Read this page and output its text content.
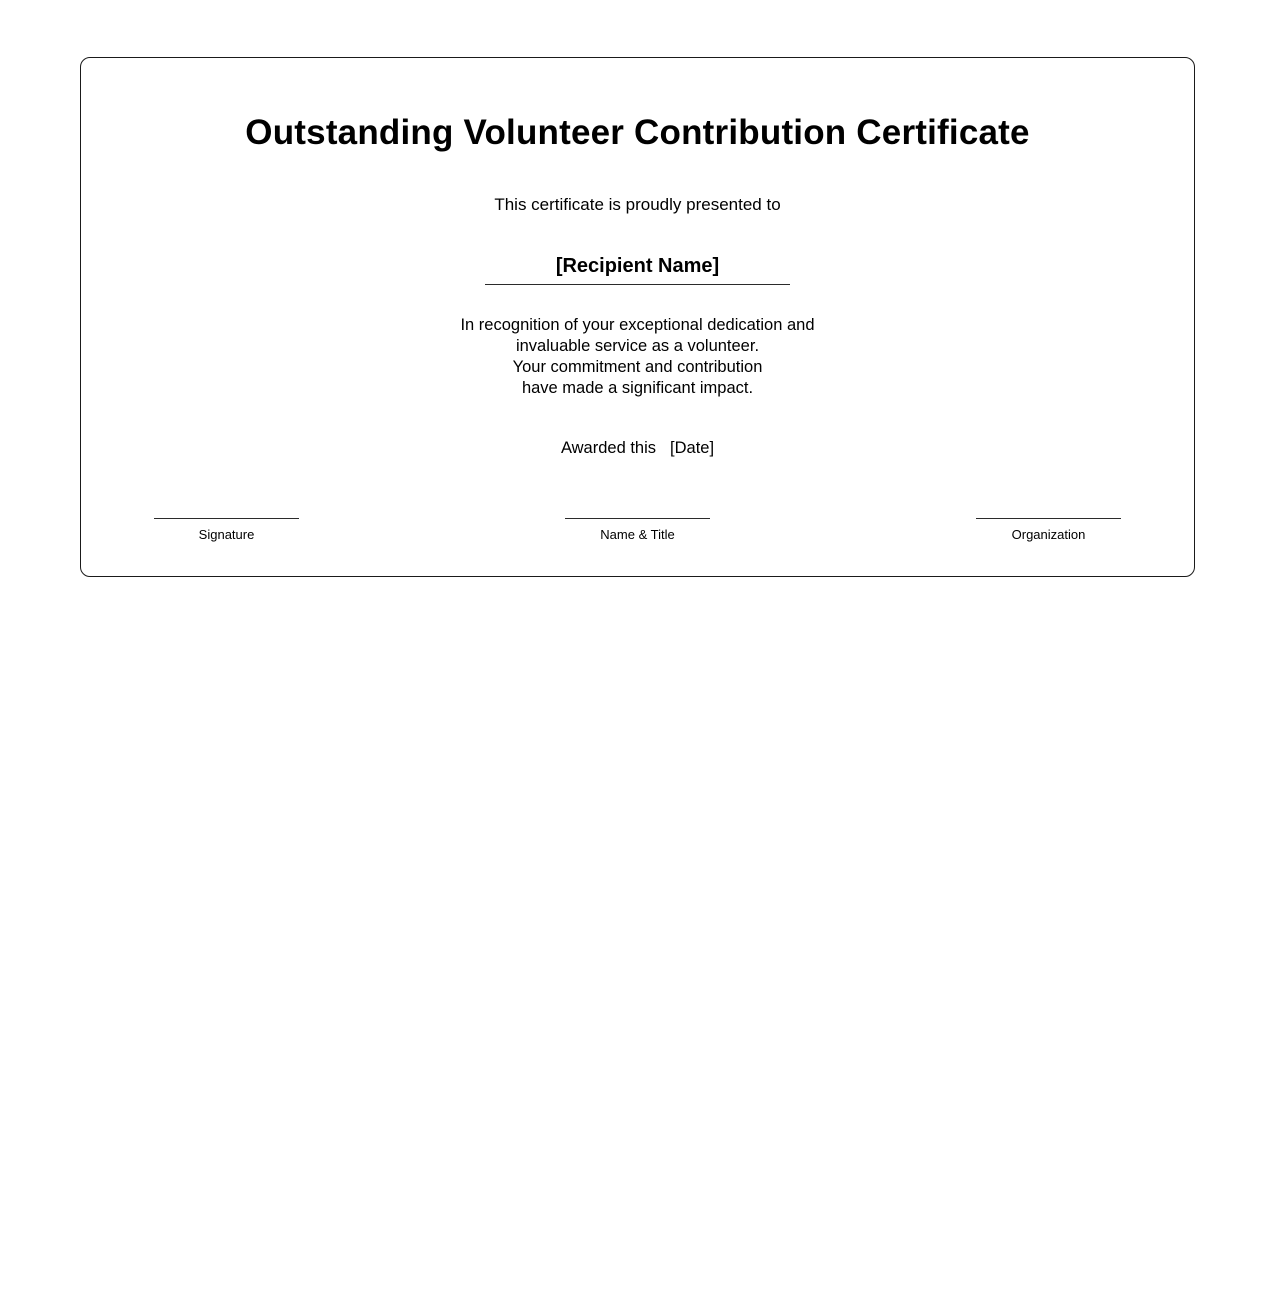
Outstanding Volunteer Contribution Certificate
This certificate is proudly presented to
[Recipient Name]
In recognition of your exceptional dedication and
invaluable service as a volunteer.
Your commitment and contribution
have made a significant impact.
Awarded this [Date]
Signature	Name & Title	Organization
